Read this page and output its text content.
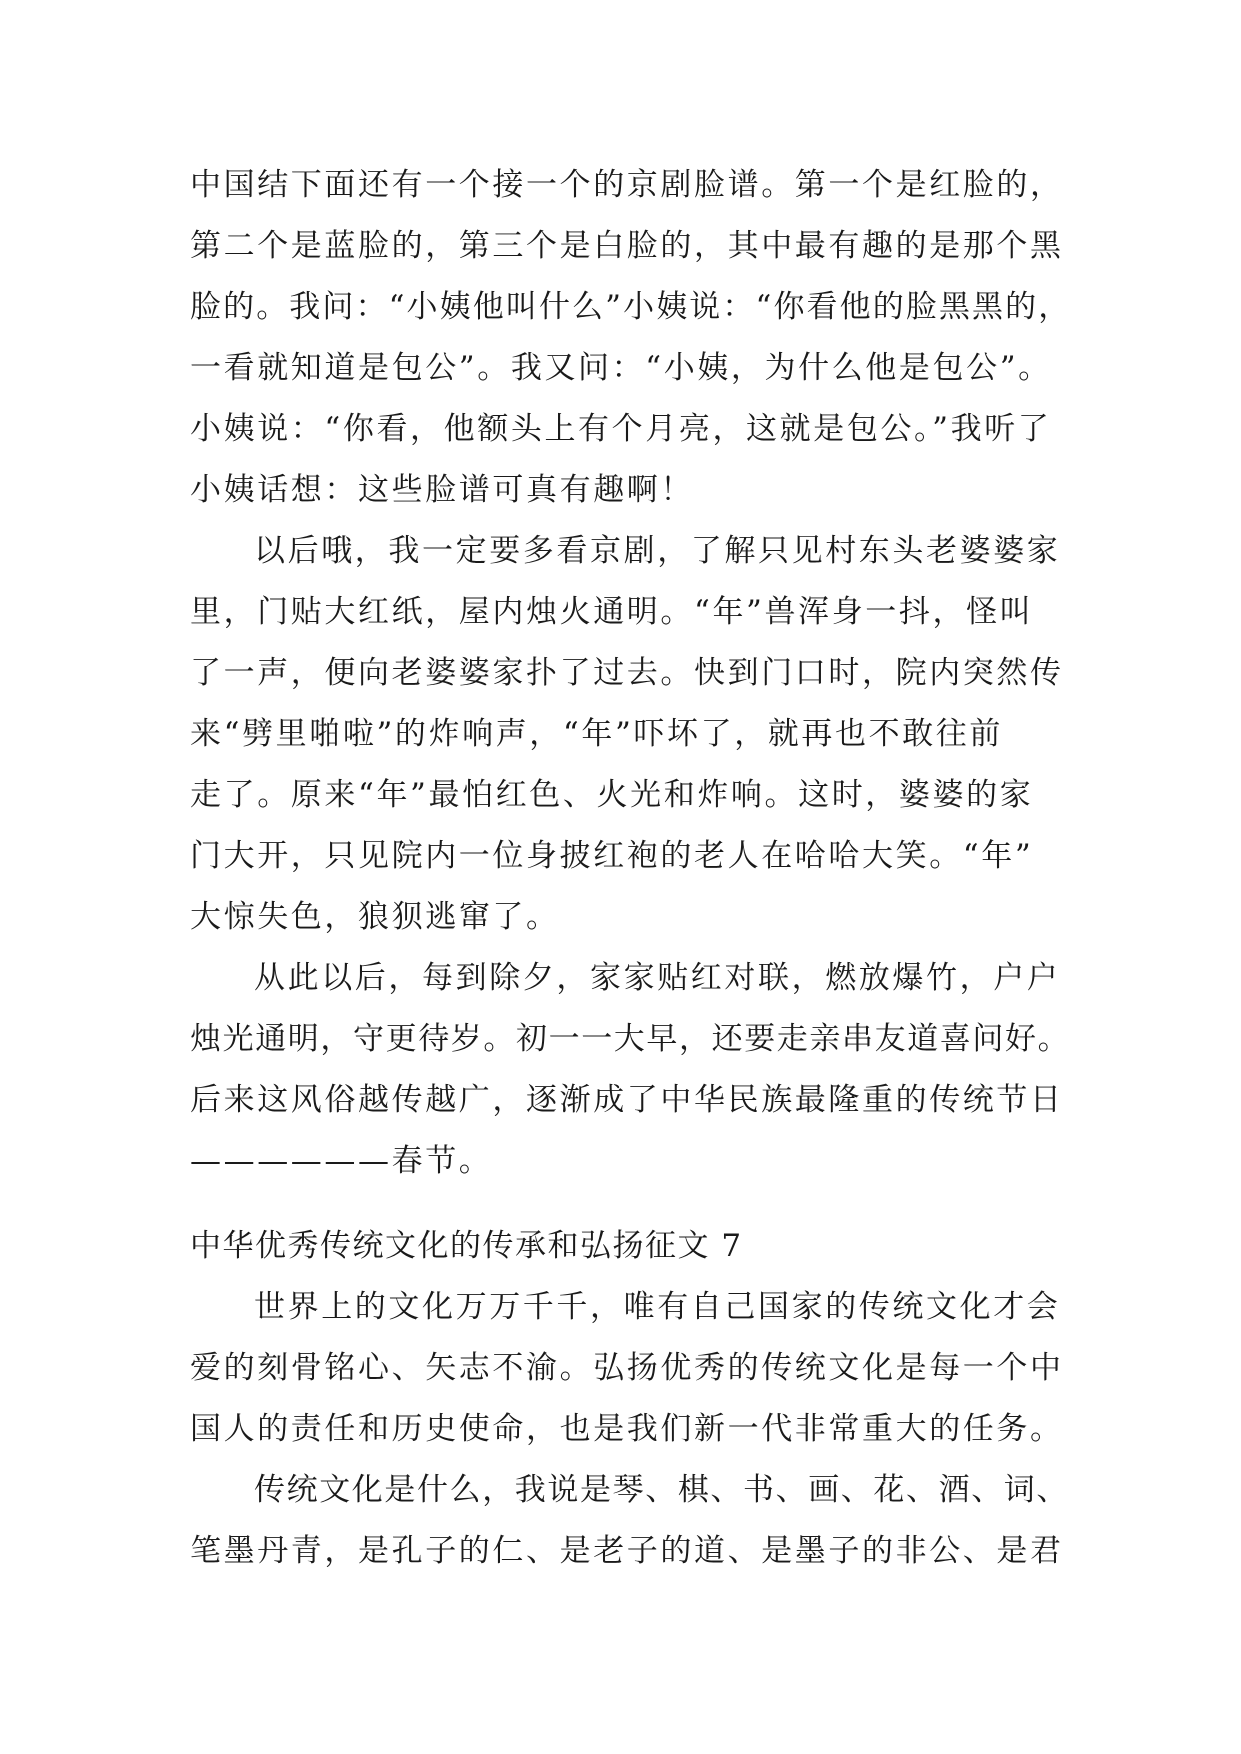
中国结下面还有一个接一个的京剧脸谱。第一个是红脸的，
第二个是蓝脸的，第三个是白脸的，其中最有趣的是那个黑
脸的。我问：“小姨他叫什么”小姨说：“你看他的脸黑黑的，
一看就知道是包公”。我又问：“小姨，为什么他是包公”。
小姨说：“你看，他额头上有个月亮，这就是包公。”我听了
小姨话想：这些脸谱可真有趣啊！
以后哦，我一定要多看京剧，了解只见村东头老婆婆家
里，门贴大红纸，屋内烛火通明。“年”兽浑身一抖，怪叫
了一声，便向老婆婆家扑了过去。快到门口时，院内突然传
来“劈里啪啦”的炸响声，“年”吓坏了，就再也不敢往前
走了。原来“年”最怕红色、火光和炸响。这时，婆婆的家
门大开，只见院内一位身披红袍的老人在哈哈大笑。“年”
大惊失色，狼狈逃窜了。
从此以后，每到除夕，家家贴红对联，燃放爆竹，户户
烛光通明，守更待岁。初一一大早，还要走亲串友道喜问好。
后来这风俗越传越广，逐渐成了中华民族最隆重的传统节日
——————春节。
中华优秀传统文化的传承和弘扬征文 7
世界上的文化万万千千，唯有自己国家的传统文化才会
爱的刻骨铭心、矢志不渝。弘扬优秀的传统文化是每一个中
国人的责任和历史使命，也是我们新一代非常重大的任务。
传统文化是什么，我说是琴、棋、书、画、花、酒、词、
笔墨丹青，是孔子的仁、是老子的道、是墨子的非公、是君
